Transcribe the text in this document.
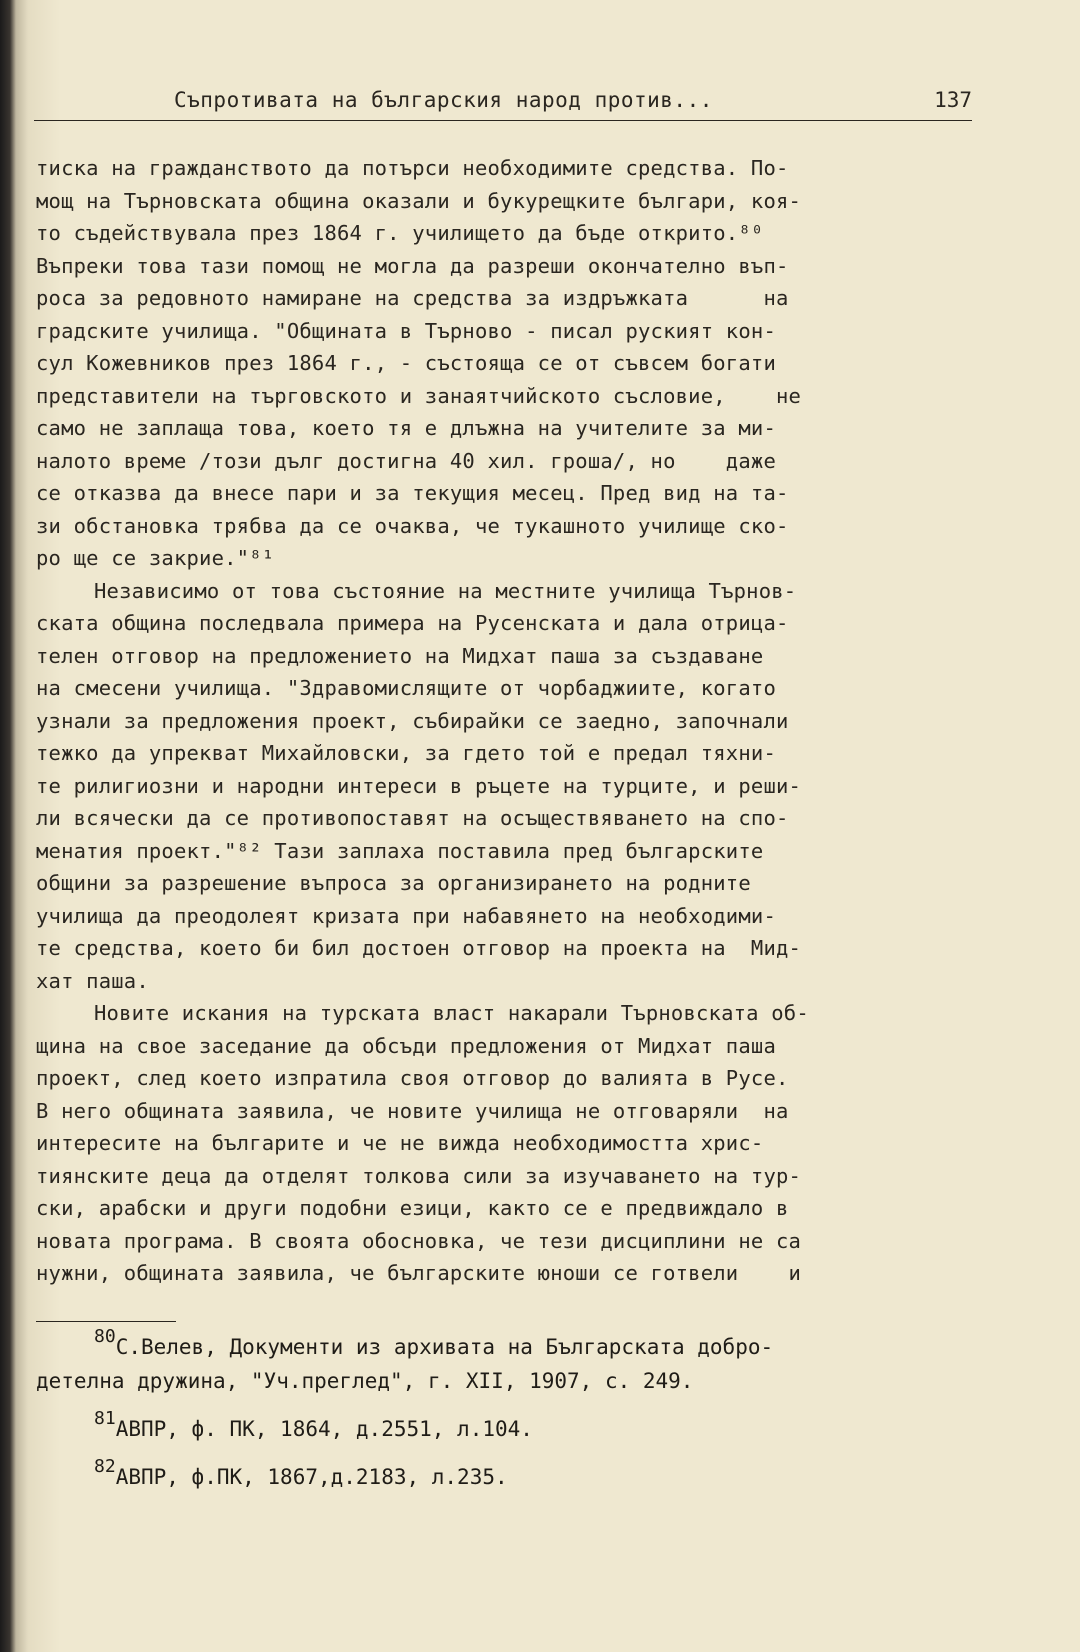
Съпротивата на българския народ против...	137
тиска на гражданството да потърси необходимите средства. По-
мощ на Търновската община оказали и букурещките българи, коя-
то съдействувала през 1864 г. училището да бъде открито.⁸⁰
Въпреки това тази помощ не могла да разреши окончателно въп-
роса за редовното намиране на средства за издръжката      на
градските училища. "Общината в Търново - писал руският кон-
сул Кожевников през 1864 г., - състояща се от съвсем богати
представители на търговското и занаятчийското съсловие,    не
само не заплаща това, което тя е длъжна на учителите за ми-
налото време /този дълг достигна 40 хил. гроша/, но    даже
се отказва да внесе пари и за текущия месец. Пред вид на та-
зи обстановка трябва да се очаква, че тукашното училище ско-
ро ще се закрие."⁸¹
Независимо от това състояние на местните училища Търнов-
ската община последвала примера на Русенската и дала отрица-
телен отговор на предложението на Мидхат паша за създаване
на смесени училища. "Здравомислящите от чорбаджиите, когато
узнали за предложения проект, събирайки се заедно, започнали
тежко да упрекват Михайловски, за гдето той е предал тяхни-
те рилигиозни и народни интереси в ръцете на турците, и реши-
ли всячески да се противопоставят на осъществяването на спо-
менатия проект."⁸² Тази заплаха поставила пред българските
общини за разрешение въпроса за организирането на родните
училища да преодолеят кризата при набавянето на необходими-
те средства, което би бил достоен отговор на проекта на  Мид-
хат паша.
Новите искания на турската власт накарали Търновската об-
щина на свое заседание да обсъди предложения от Мидхат паша
проект, след което изпратила своя отговор до валията в Русе.
В него общината заявила, че новите училища не отговаряли  на
интересите на българите и че не вижда необходимостта хрис-
тиянските деца да отделят толкова сили за изучаването на тур-
ски, арабски и други подобни езици, както се е предвиждало в
новата програма. В своята обосновка, че тези дисциплини не са
нужни, общината заявила, че българските юноши се готвели    и
80С.Велев, Документи из архивата на Българската добро-
детелна дружина, "Уч.преглед", г. XII, 1907, с. 249.
81АВПР, ф. ПК, 1864, д.2551, л.104.
82АВПР, ф.ПК, 1867,д.2183, л.235.
